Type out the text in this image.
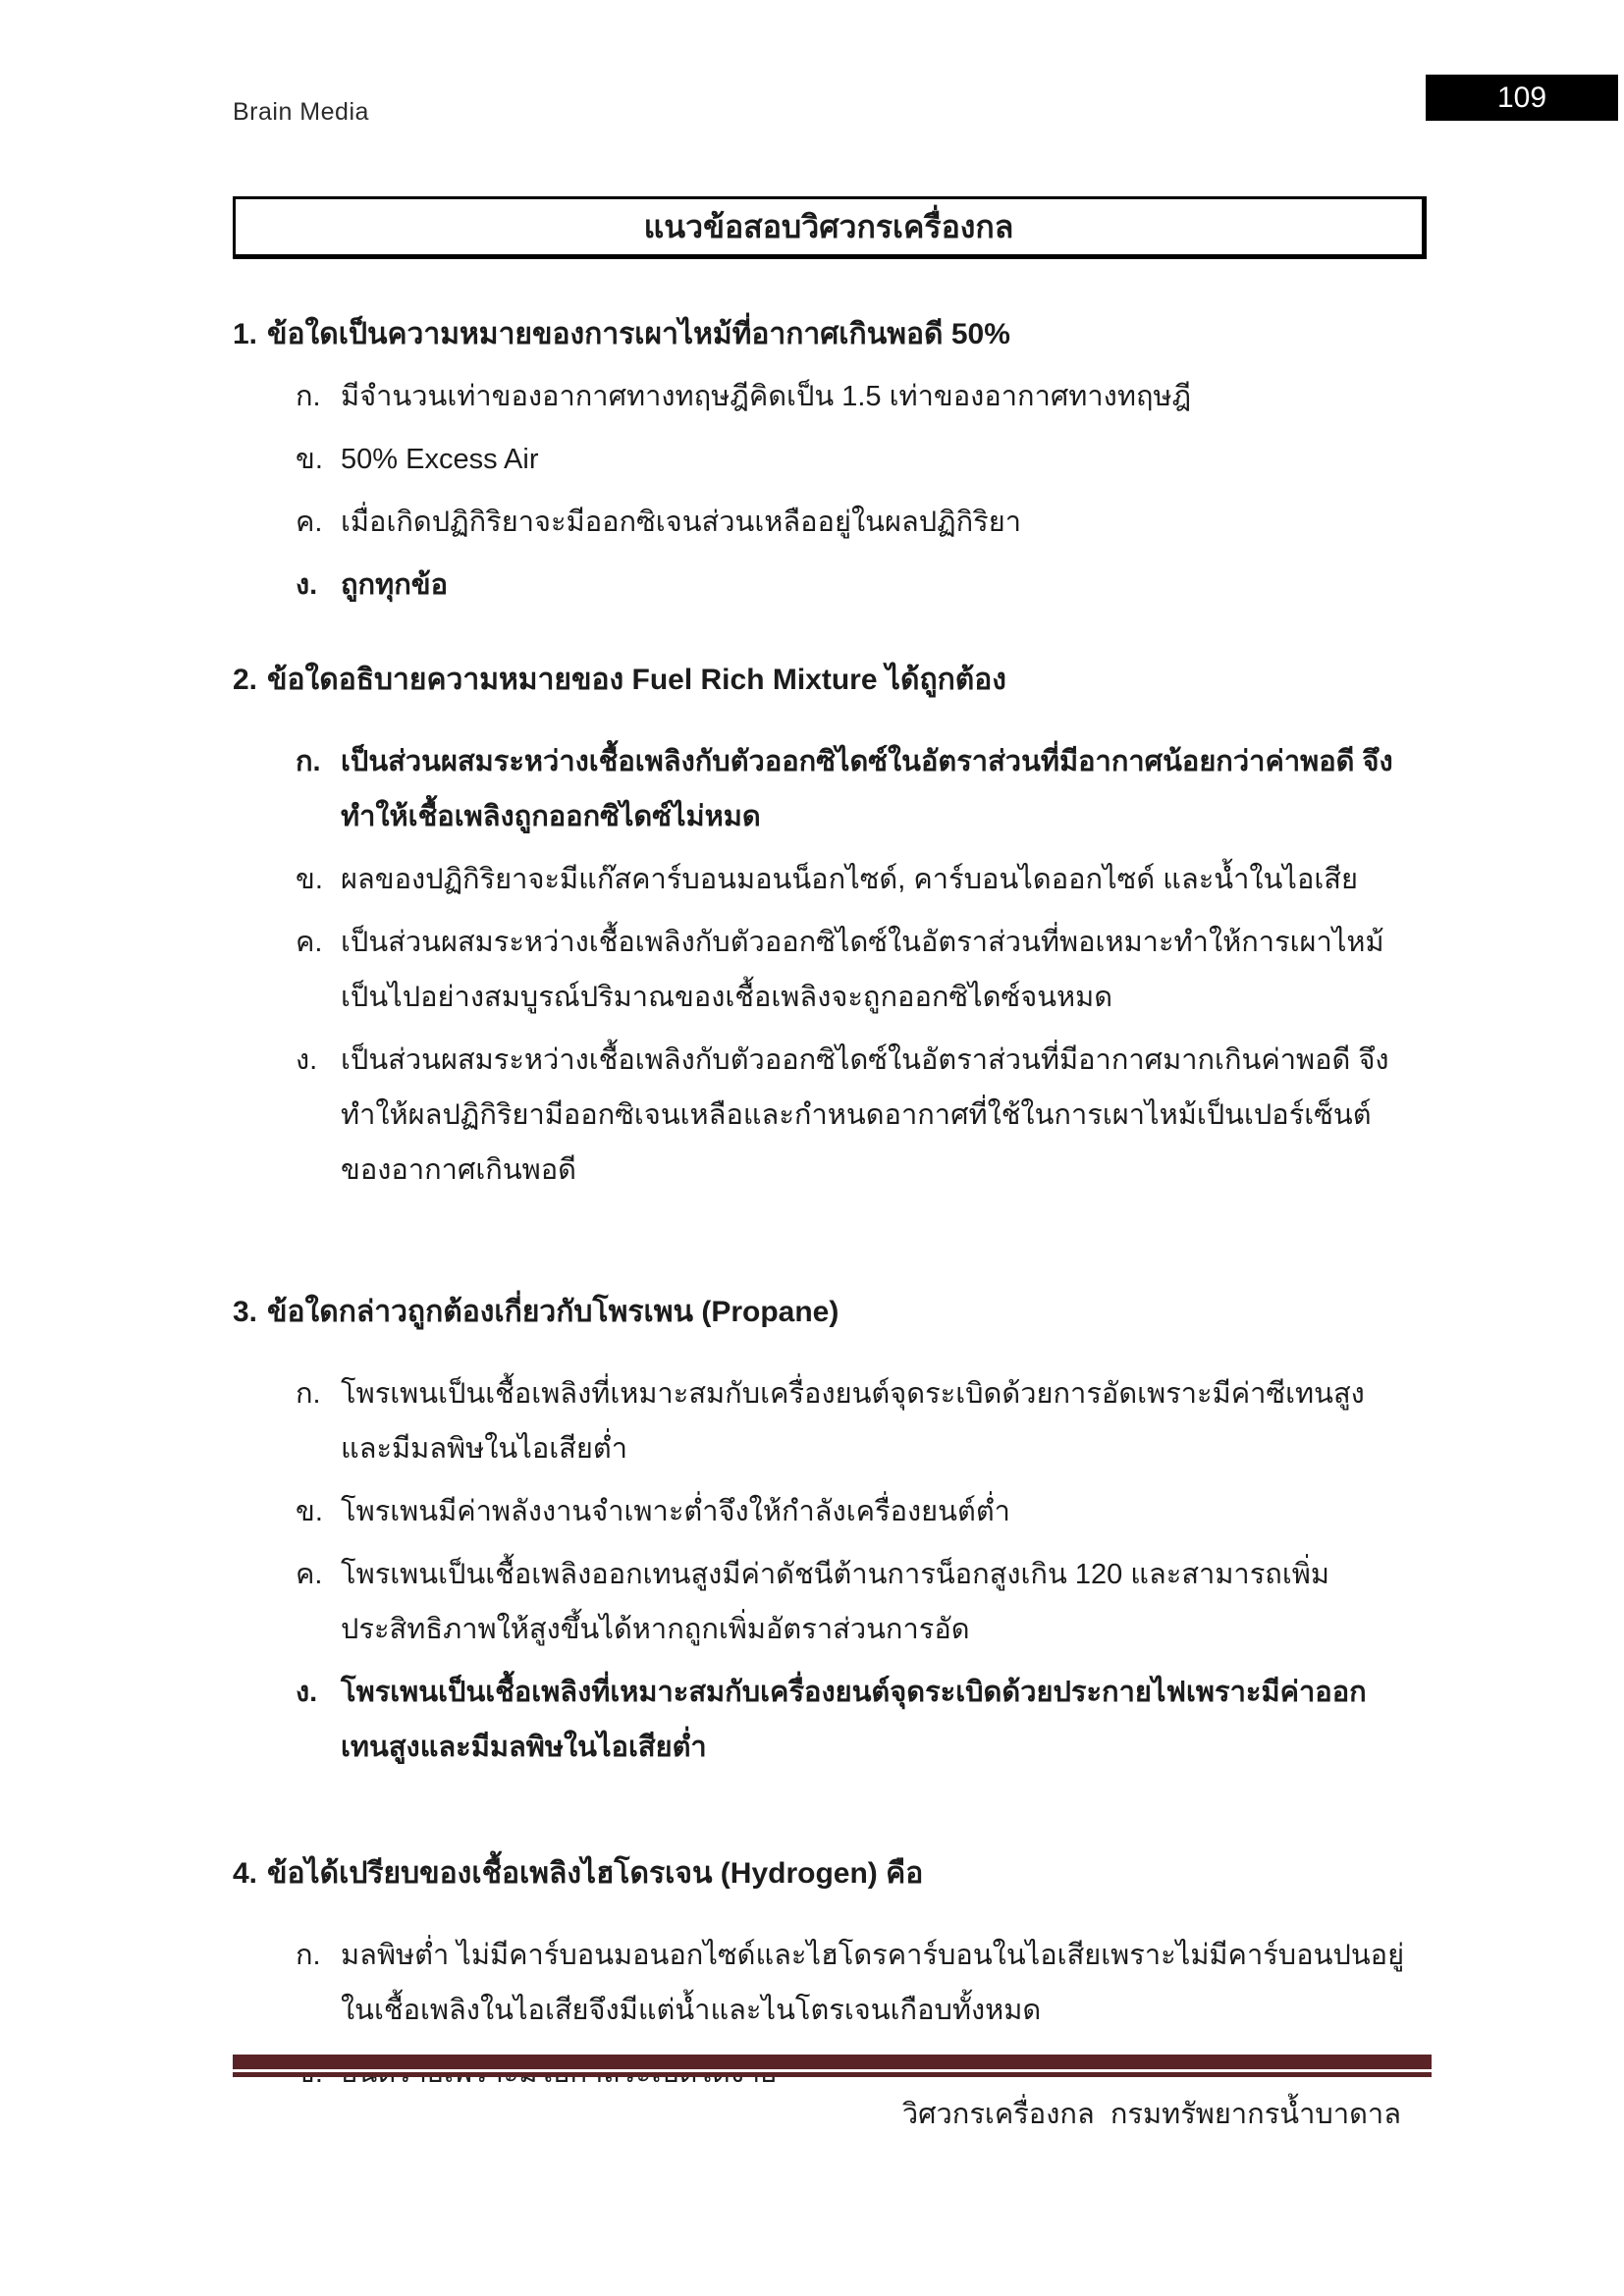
Brain Media	109
แนวข้อสอบวิศวกรเครื่องกล
1. ข้อใดเป็นความหมายของการเผาไหม้ที่อากาศเกินพอดี 50%
ก. มีจำนวนเท่าของอากาศทางทฤษฎีคิดเป็น 1.5 เท่าของอากาศทางทฤษฎี
ข. 50% Excess Air
ค. เมื่อเกิดปฏิกิริยาจะมีออกซิเจนส่วนเหลืออยู่ในผลปฏิกิริยา
ง. ถูกทุกข้อ
2. ข้อใดอธิบายความหมายของ Fuel Rich Mixture ได้ถูกต้อง
ก. เป็นส่วนผสมระหว่างเชื้อเพลิงกับตัวออกซิไดซ์ในอัตราส่วนที่มีอากาศน้อยกว่าค่าพอดี จึงทำให้เชื้อเพลิงถูกออกซิไดซ์ไม่หมด
ข. ผลของปฏิกิริยาจะมีแก๊สคาร์บอนมอนน็อกไซด์, คาร์บอนไดออกไซด์ และน้ำในไอเสีย
ค. เป็นส่วนผสมระหว่างเชื้อเพลิงกับตัวออกซิไดซ์ในอัตราส่วนที่พอเหมาะทำให้การเผาไหม้เป็นไปอย่างสมบูรณ์ปริมาณของเชื้อเพลิงจะถูกออกซิไดซ์จนหมด
ง. เป็นส่วนผสมระหว่างเชื้อเพลิงกับตัวออกซิไดซ์ในอัตราส่วนที่มีอากาศมากเกินค่าพอดี จึงทำให้ผลปฏิกิริยามีออกซิเจนเหลือและกำหนดอากาศที่ใช้ในการเผาไหม้เป็นเปอร์เซ็นต์ของอากาศเกินพอดี
3. ข้อใดกล่าวถูกต้องเกี่ยวกับโพรเพน (Propane)
ก. โพรเพนเป็นเชื้อเพลิงที่เหมาะสมกับเครื่องยนต์จุดระเบิดด้วยการอัดเพราะมีค่าซีเทนสูงและมีมลพิษในไอเสียต่ำ
ข. โพรเพนมีค่าพลังงานจำเพาะต่ำจึงให้กำลังเครื่องยนต์ต่ำ
ค. โพรเพนเป็นเชื้อเพลิงออกเทนสูงมีค่าดัชนีต้านการน็อกสูงเกิน 120 และสามารถเพิ่มประสิทธิภาพให้สูงขึ้นได้หากถูกเพิ่มอัตราส่วนการอัด
ง. โพรเพนเป็นเชื้อเพลิงที่เหมาะสมกับเครื่องยนต์จุดระเบิดด้วยประกายไฟเพราะมีค่าออก เทนสูงและมีมลพิษในไอเสียต่ำ
4. ข้อได้เปรียบของเชื้อเพลิงไฮโดรเจน (Hydrogen) คือ
ก. มลพิษต่ำ ไม่มีคาร์บอนมอนอกไซด์และไฮโดรคาร์บอนในไอเสียเพราะไม่มีคาร์บอนปนอยู่ในเชื้อเพลิงในไอเสียจึงมีแต่น้ำและไนโตรเจนเกือบทั้งหมด
วิศวกรเครื่องกล  กรมทรัพยากรน้ำบาดาล
